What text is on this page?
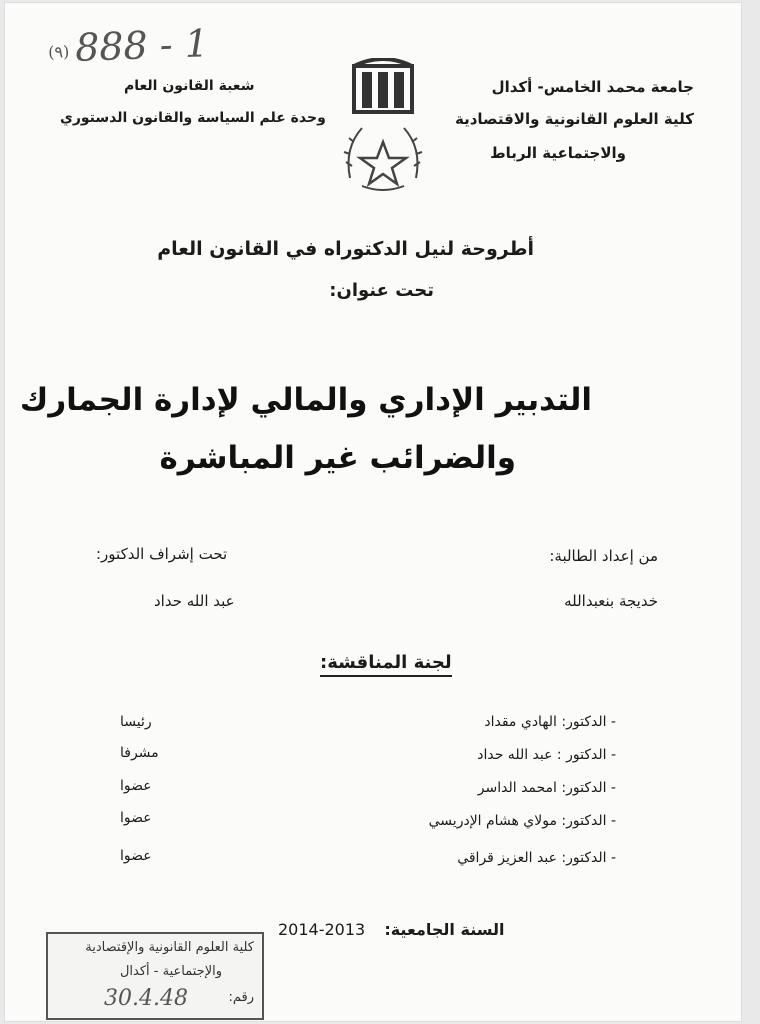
(٩) 888 - 1
جامعة محمد الخامس- أكدال
كلية العلوم القانونية والاقتصادية
والاجتماعية الرباط
شعبة القانون العام
وحدة علم السياسة والقانون الدستوري
أطروحة لنيل الدكتوراه في القانون العام
تحت عنوان:
التدبير الإداري والمالي لإدارة الجمارك
والضرائب غير المباشرة
من إعداد الطالبة:
خديجة بنعبدالله
تحت إشراف الدكتور:
عبد الله حداد
لجنة المناقشة:
- الدكتور: الهادي مقداد
رئيسا
- الدكتور : عبد الله حداد
مشرفا
- الدكتور: امحمد الداسر
عضوا
- الدكتور: مولاي هشام الإدريسي
عضوا
- الدكتور: عبد العزيز قراقي
عضوا
2014-2013 السنة الجامعية:
كلية العلوم القانونية والإقتصادية
والإجتماعية - أكدال
رقم:
30.4.48
